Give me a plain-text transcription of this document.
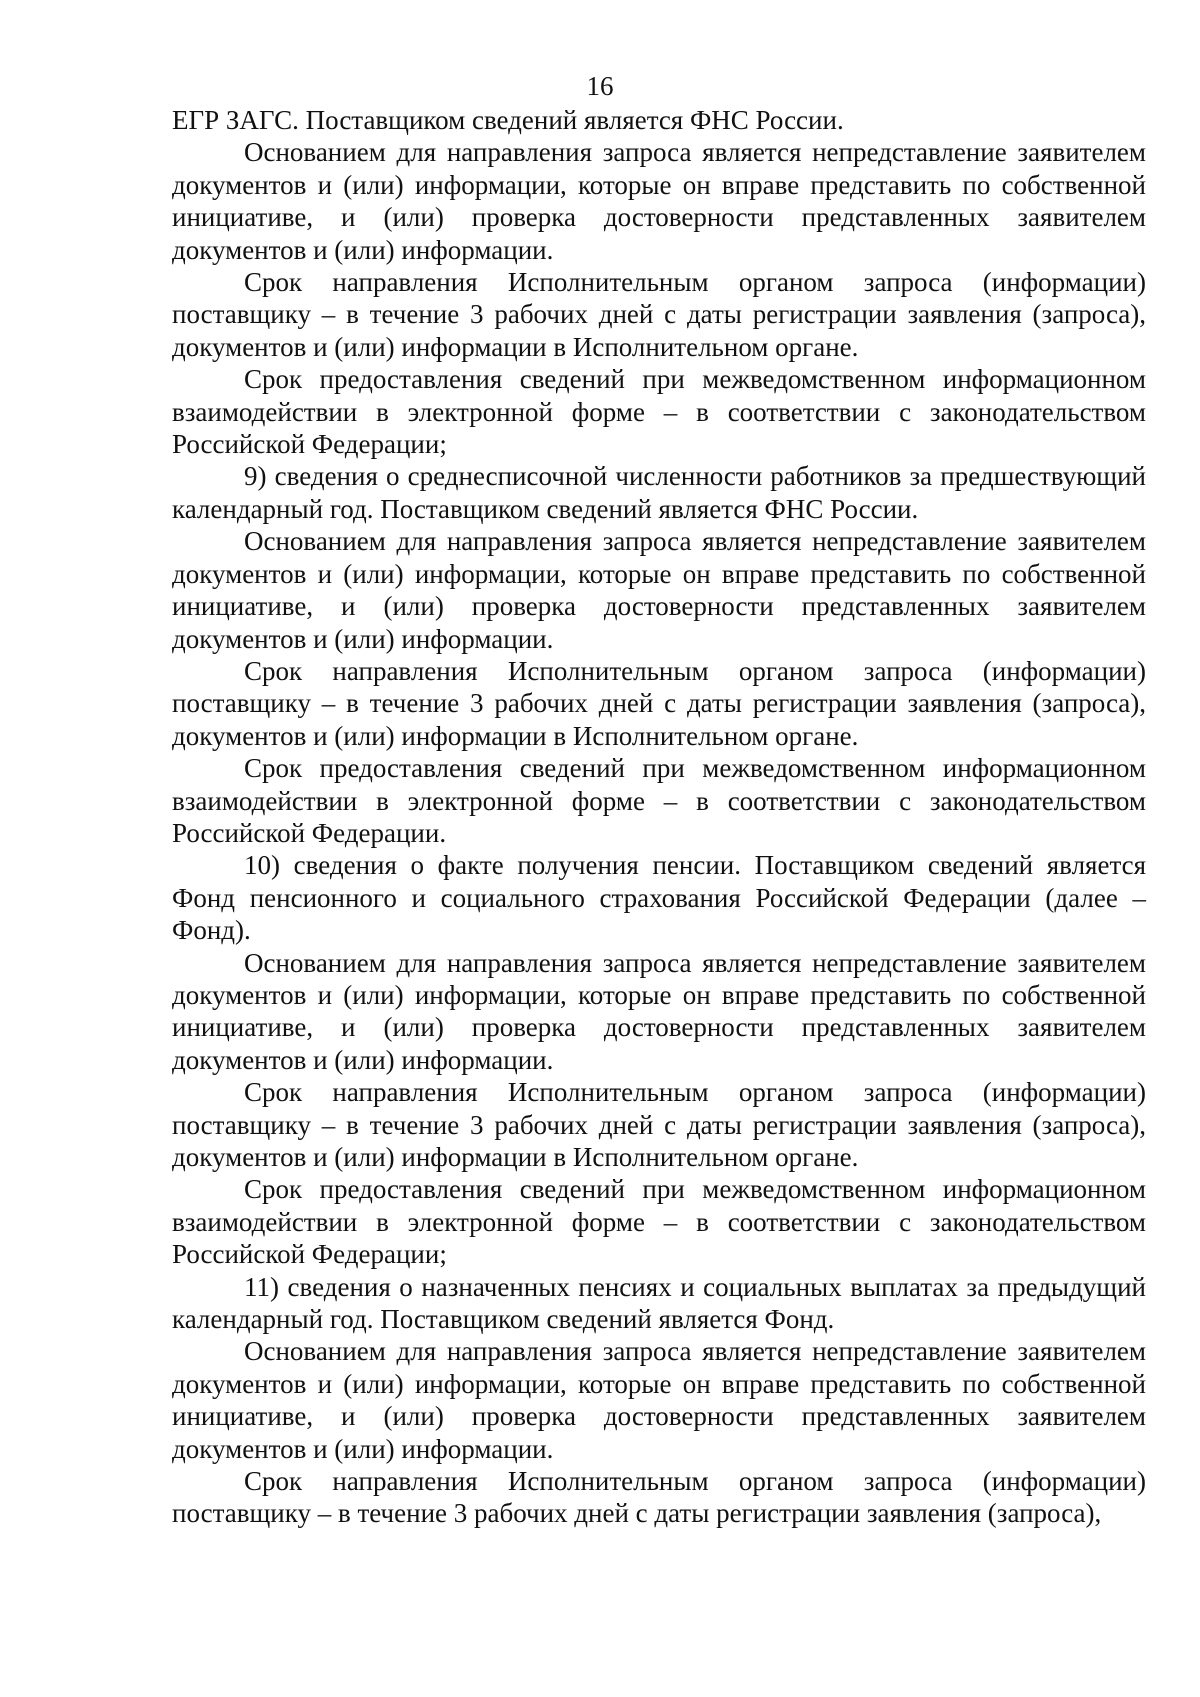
16

ЕГР ЗАГС. Поставщиком сведений является ФНС России.

Основанием для направления запроса является непредставление заявителем документов и (или) информации, которые он вправе представить по собственной инициативе, и (или) проверка достоверности представленных заявителем документов и (или) информации.

Срок направления Исполнительным органом запроса (информации) поставщику – в течение 3 рабочих дней с даты регистрации заявления (запроса), документов и (или) информации в Исполнительном органе.

Срок предоставления сведений при межведомственном информационном взаимодействии в электронной форме – в соответствии с законодательством Российской Федерации;

9) сведения о среднесписочной численности работников за предшествующий календарный год. Поставщиком сведений является ФНС России.

Основанием для направления запроса является непредставление заявителем документов и (или) информации, которые он вправе представить по собственной инициативе, и (или) проверка достоверности представленных заявителем документов и (или) информации.

Срок направления Исполнительным органом запроса (информации) поставщику – в течение 3 рабочих дней с даты регистрации заявления (запроса), документов и (или) информации в Исполнительном органе.

Срок предоставления сведений при межведомственном информационном взаимодействии в электронной форме – в соответствии с законодательством Российской Федерации.

10) сведения о факте получения пенсии. Поставщиком сведений является Фонд пенсионного и социального страхования Российской Федерации (далее – Фонд).

Основанием для направления запроса является непредставление заявителем документов и (или) информации, которые он вправе представить по собственной инициативе, и (или) проверка достоверности представленных заявителем документов и (или) информации.

Срок направления Исполнительным органом запроса (информации) поставщику – в течение 3 рабочих дней с даты регистрации заявления (запроса), документов и (или) информации в Исполнительном органе.

Срок предоставления сведений при межведомственном информационном взаимодействии в электронной форме – в соответствии с законодательством Российской Федерации;

11) сведения о назначенных пенсиях и социальных выплатах за предыдущий календарный год. Поставщиком сведений является Фонд.

Основанием для направления запроса является непредставление заявителем документов и (или) информации, которые он вправе представить по собственной инициативе, и (или) проверка достоверности представленных заявителем документов и (или) информации.

Срок направления Исполнительным органом запроса (информации) поставщику – в течение 3 рабочих дней с даты регистрации заявления (запроса),
